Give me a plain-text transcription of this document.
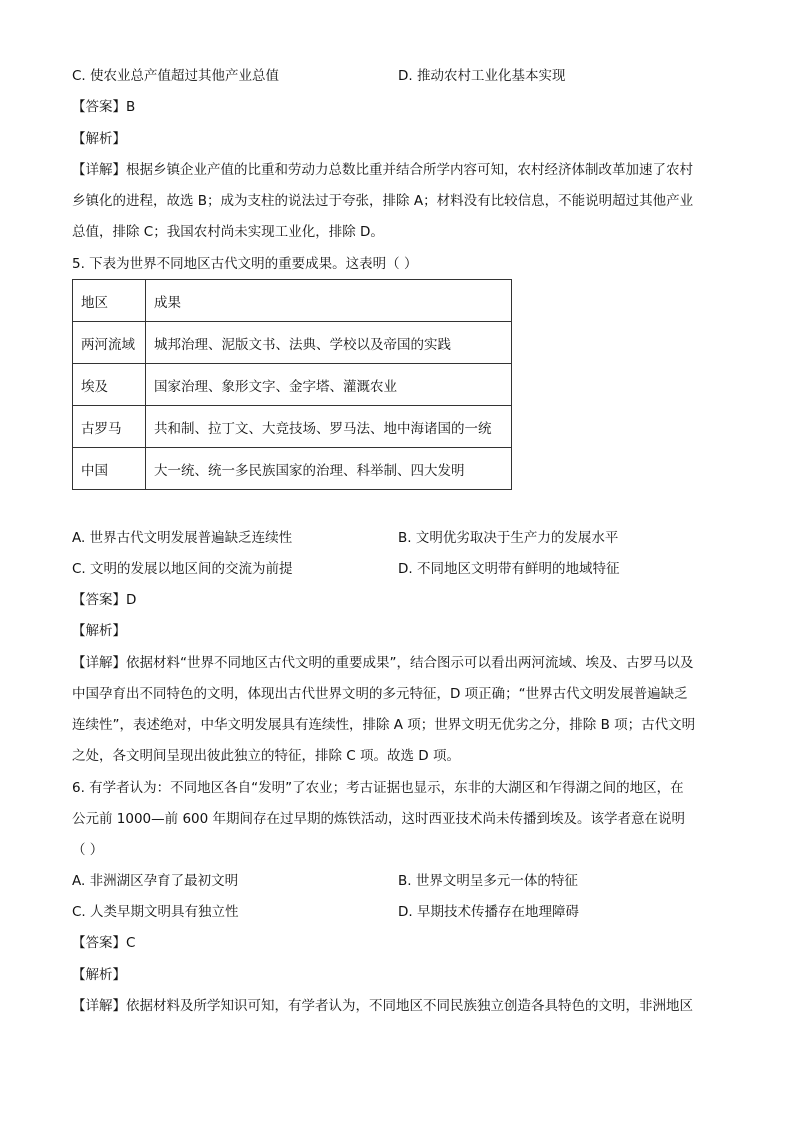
C. 使农业总产值超过其他产业总值	D. 推动农村工业化基本实现
【答案】B
【解析】
【详解】根据乡镇企业产值的比重和劳动力总数比重并结合所学内容可知，农村经济体制改革加速了农村
乡镇化的进程，故选 B；成为支柱的说法过于夸张，排除 A；材料没有比较信息，不能说明超过其他产业
总值，排除 C；我国农村尚未实现工业化，排除 D。
5. 下表为世界不同地区古代文明的重要成果。这表明（ ）
地区	成果
两河流域	城邦治理、泥版文书、法典、学校以及帝国的实践
埃及	国家治理、象形文字、金字塔、灌溉农业
古罗马	共和制、拉丁文、大竞技场、罗马法、地中海诸国的一统
中国	大一统、统一多民族国家的治理、科举制、四大发明
A. 世界古代文明发展普遍缺乏连续性	B. 文明优劣取决于生产力的发展水平
C. 文明的发展以地区间的交流为前提	D. 不同地区文明带有鲜明的地域特征
【答案】D
【解析】
【详解】依据材料“世界不同地区古代文明的重要成果”，结合图示可以看出两河流域、埃及、古罗马以及
中国孕育出不同特色的文明，体现出古代世界文明的多元特征，D 项正确；“世界古代文明发展普遍缺乏
连续性”，表述绝对，中华文明发展具有连续性，排除 A 项；世界文明无优劣之分，排除 B 项；古代文明
之处，各文明间呈现出彼此独立的特征，排除 C 项。故选 D 项。
6. 有学者认为：不同地区各自“发明”了农业；考古证据也显示，东非的大湖区和乍得湖之间的地区，在
公元前 1000—前 600 年期间存在过早期的炼铁活动，这时西亚技术尚未传播到埃及。该学者意在说明
（ ）
A. 非洲湖区孕育了最初文明	B. 世界文明呈多元一体的特征
C. 人类早期文明具有独立性	D. 早期技术传播存在地理障碍
【答案】C
【解析】
【详解】依据材料及所学知识可知，有学者认为，不同地区不同民族独立创造各具特色的文明，非洲地区
